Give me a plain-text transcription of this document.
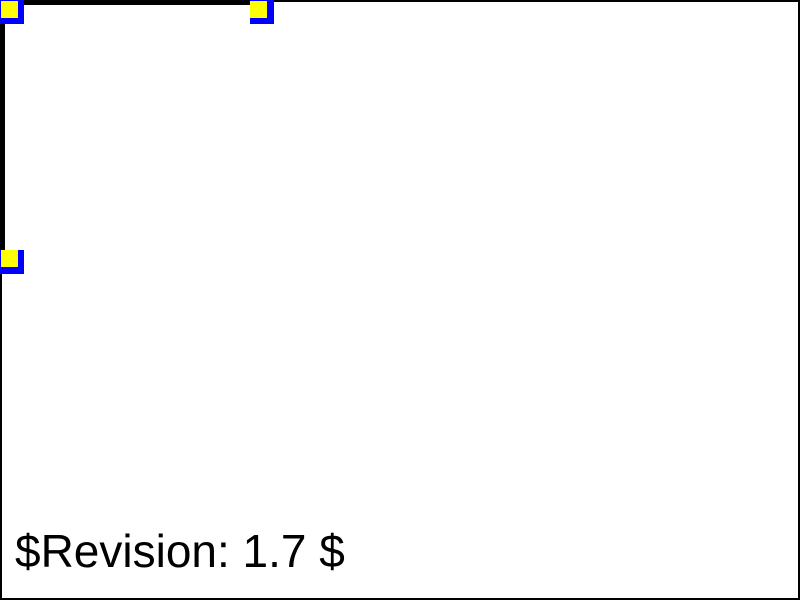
$Revision: 1.7 $
